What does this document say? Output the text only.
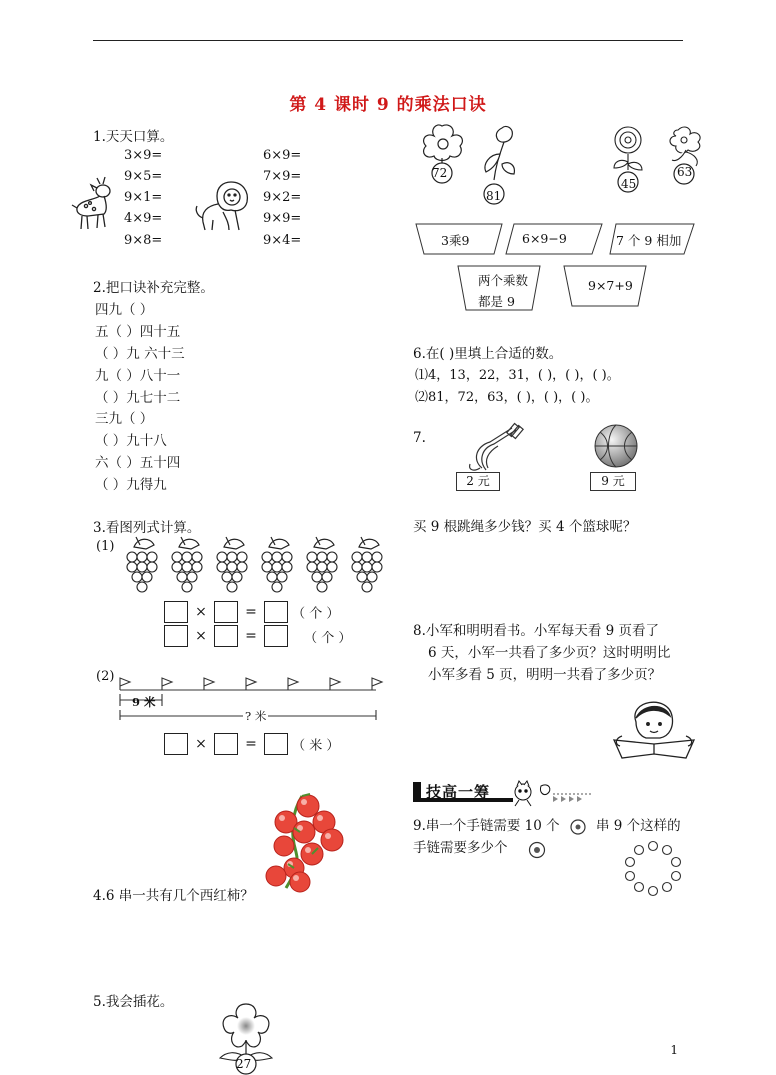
第 4 课时 9 的乘法口诀
1.天天口算。
3×9=
9×5=
9×1=
4×9=
9×8=
6×9=
7×9=
9×2=
9×9=
9×4=
2.把口诀补充完整。
四九（ ）
五（ ）四十五
（ ）九 六十三
九（ ）八十一
（ ）九七十二
三九（ ）
（ ）九十八
六（ ）五十四
（ ）九得九
3.看图列式计算。
(1)
×	=	（ 个 ）
×	=	（ 个 ）
(2)
9 米
? 米
×	=	（ 米 ）
4.6 串一共有几个西红柿？
5.我会插花。
27
72
81
45
63
3乘9	6×9−9	7 个 9 相加
两个乘数
都是 9
9×7+9
6.在( )里填上合适的数。
⑴4，13，22，31，( )，( )，( )。
⑵81，72，63，( )，( )，( )。
7.
2 元	9 元
买 9 根跳绳多少钱？买 4 个篮球呢？
8.小军和明明看书。小军每天看 9 页看了
6 天，小军一共看了多少页？这时明明比
小军多看 5 页，明明一共看了多少页？
技高一筹
9.串一个手链需要 10 个	串 9 个这样的
手链需要多少个
1
